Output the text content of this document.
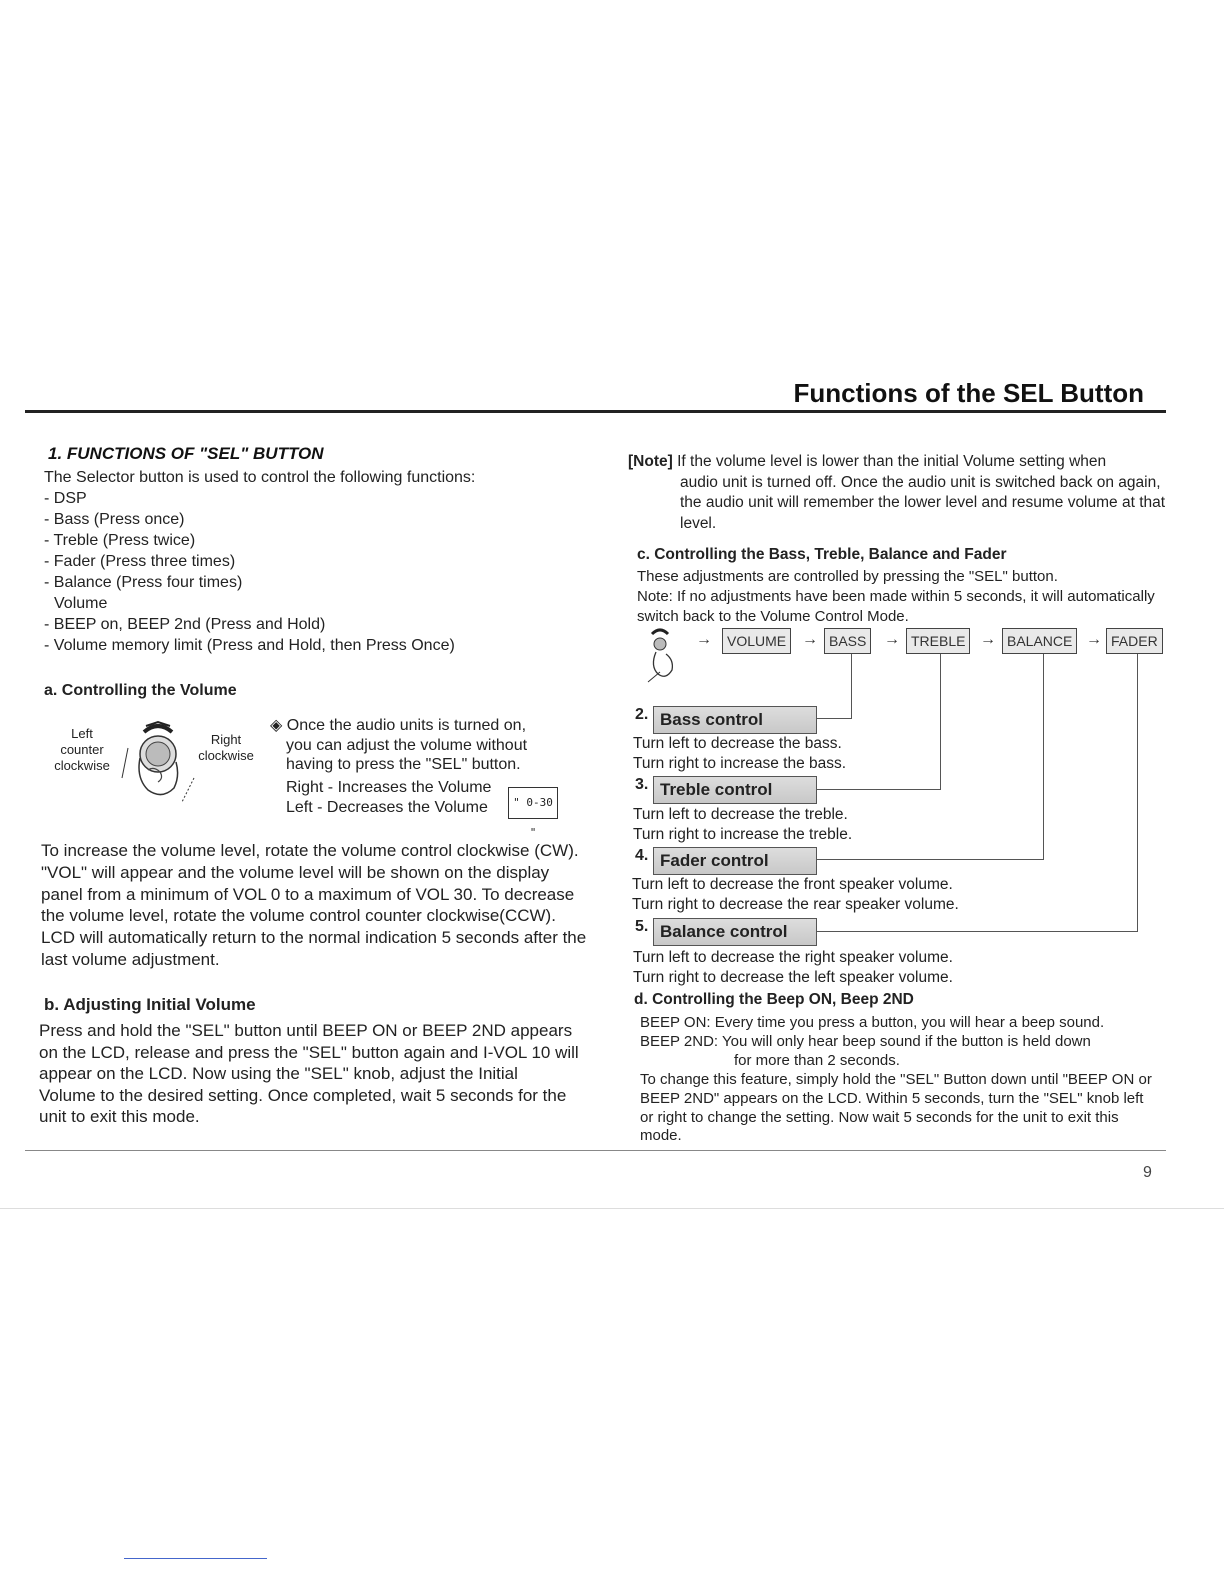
Functions of the SEL Button
1. FUNCTIONS OF "SEL" BUTTON
The Selector button is used to control the following functions:
- DSP
- Bass (Press once)
- Treble (Press twice)
- Fader (Press three times)
- Balance (Press four times)
Volume
- BEEP on, BEEP 2nd (Press and Hold)
- Volume memory limit (Press and Hold, then Press Once)
a. Controlling the Volume
Left
counter
clockwise
Right
clockwise
◈ Once the audio units is turned on,
you can adjust the volume without
having to press the "SEL" button.
Right - Increases the Volume
Left - Decreases the Volume	" 0-30 "
To increase the volume level, rotate the volume control clockwise (CW). "VOL" will appear and the volume level will be shown on the display panel from a minimum of VOL 0 to a maximum of VOL 30. To decrease the volume level, rotate the volume control counter clockwise(CCW). LCD will automatically return to the normal indication 5 seconds after the last volume adjustment.
b. Adjusting Initial Volume
Press and hold the "SEL" button until BEEP ON or BEEP 2ND appears on the LCD, release and press the "SEL" button again and I-VOL 10 will appear on the LCD. Now using the "SEL" knob, adjust the Initial Volume to the desired setting. Once completed, wait 5 seconds for the unit to exit this mode.
[Note] If the volume level is lower than the initial Volume setting when
audio unit is turned off. Once the audio unit is switched back on again, the audio unit will remember the lower level and resume volume at that level.
c. Controlling the Bass, Treble, Balance and Fader
These adjustments are controlled by pressing the "SEL" button.
Note: If no adjustments have been made within 5 seconds, it will automatically switch back to the Volume Control Mode.
→	VOLUME → BASS	→ TREBLE → BALANCE → FADER
2. Bass control
Turn left to decrease the bass.
Turn right to increase the bass.
3. Treble control
Turn left to decrease the treble.
Turn right to increase the treble.
4. Fader control
Turn left to decrease the front speaker volume.
Turn right to decrease the rear speaker volume.
5. Balance control
Turn left to decrease the right speaker volume.
Turn right to decrease the left speaker volume.
d. Controlling the Beep ON, Beep 2ND
BEEP ON: Every time you press a button, you will hear a beep sound.
BEEP 2ND: You will only hear beep sound if the button is held down
for more than 2 seconds.
To change this feature, simply hold the "SEL" Button down until "BEEP ON or BEEP 2ND" appears on the LCD. Within 5 seconds, turn the "SEL" knob left or right to change the setting. Now wait 5 seconds for the unit to exit this mode.
9
